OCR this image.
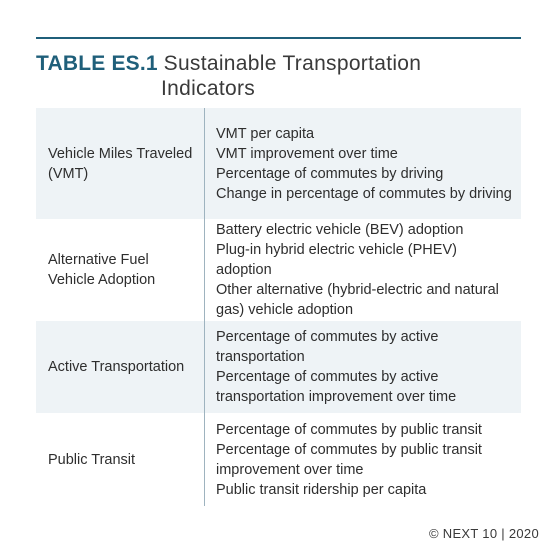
TABLE ES.1 Sustainable Transportation
Indicators
Vehicle Miles Traveled (VMT)	VMT per capita
VMT improvement over time
Percentage of commutes by driving
Change in percentage of commutes by driving

Alternative Fuel Vehicle Adoption	Battery electric vehicle (BEV) adoption
Plug-in hybrid electric vehicle (PHEV) adoption
Other alternative (hybrid-electric and natural gas) vehicle adoption

Active Transportation	Percentage of commutes by active transportation
Percentage of commutes by active transportation improvement over time

Public Transit	Percentage of commutes by public transit
Percentage of commutes by public transit improvement over time
Public transit ridership per capita
© NEXT 10 | 2020
